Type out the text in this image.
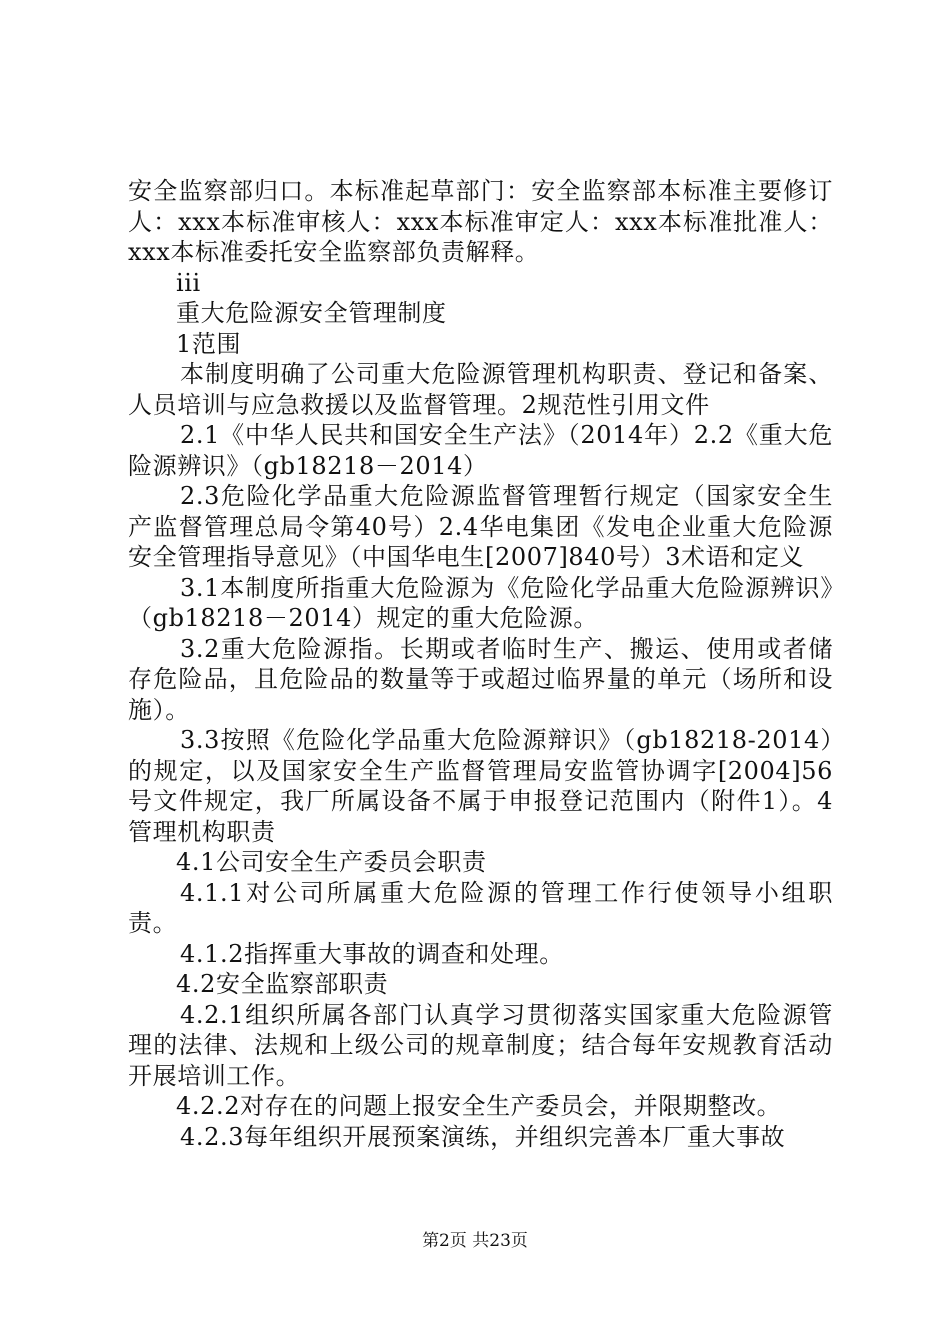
安全监察部归口。本标准起草部门：安全监察部本标准主要修订人：xxx本标准审核人：xxx本标准审定人：xxx本标准批准人：xxx本标准委托安全监察部负责解释。

iii

重大危险源安全管理制度

1范围

本制度明确了公司重大危险源管理机构职责、登记和备案、人员培训与应急救援以及监督管理。2规范性引用文件

2.1《中华人民共和国安全生产法》（2014年）2.2《重大危险源辨识》（gb18218－2014）

2.3危险化学品重大危险源监督管理暂行规定（国家安全生产监督管理总局令第40号）2.4华电集团《发电企业重大危险源安全管理指导意见》（中国华电生[2007]840号）3术语和定义

3.1本制度所指重大危险源为《危险化学品重大危险源辨识》（gb18218－2014）规定的重大危险源。

3.2重大危险源指。长期或者临时生产、搬运、使用或者储存危险品，且危险品的数量等于或超过临界量的单元（场所和设施）。

3.3按照《危险化学品重大危险源辩识》（gb18218-2014）的规定，以及国家安全生产监督管理局安监管协调字[2004]56号文件规定，我厂所属设备不属于申报登记范围内（附件1）。4管理机构职责

4.1公司安全生产委员会职责

4.1.1对公司所属重大危险源的管理工作行使领导小组职责。

4.1.2指挥重大事故的调查和处理。

4.2安全监察部职责

4.2.1组织所属各部门认真学习贯彻落实国家重大危险源管理的法律、法规和上级公司的规章制度；结合每年安规教育活动开展培训工作。

4.2.2对存在的问题上报安全生产委员会，并限期整改。

4.2.3每年组织开展预案演练，并组织完善本厂重大事故

第2页 共23页
